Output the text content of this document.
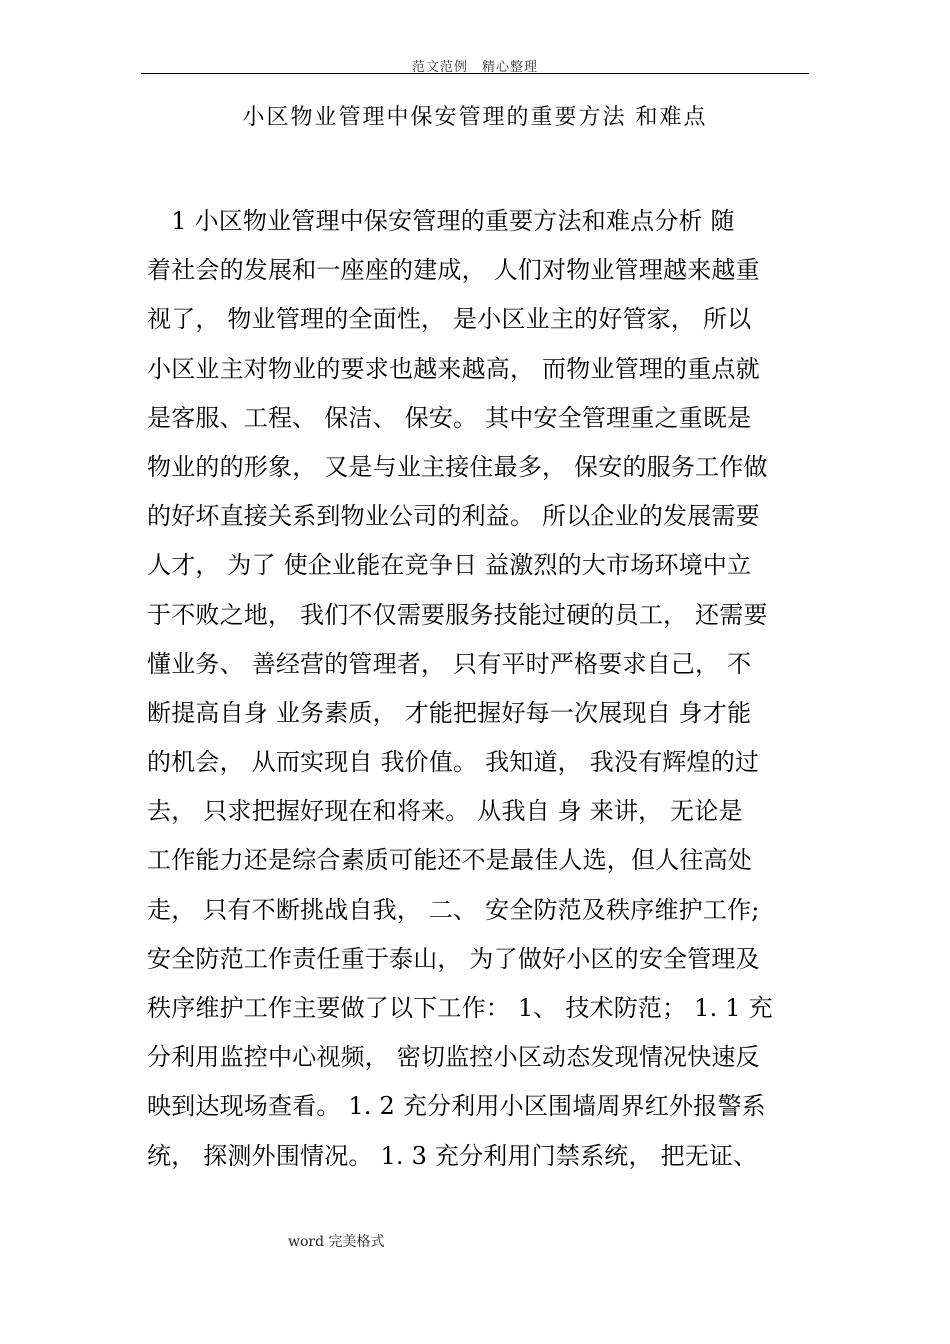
范文范例　精心整理
小区物业管理中保安管理的重要方法 和难点
　1 小区物业管理中保安管理的重要方法和难点分析 随
着社会的发展和一座座的建成， 人们对物业管理越来越重
视了， 物业管理的全面性， 是小区业主的好管家， 所以
小区业主对物业的要求也越来越高， 而物业管理的重点就
是客服、工程、 保洁、 保安。 其中安全管理重之重既是
物业的的形象， 又是与业主接住最多， 保安的服务工作做
的好坏直接关系到物业公司的利益。 所以企业的发展需要
人才， 为了 使企业能在竞争日 益激烈的大市场环境中立
于不败之地， 我们不仅需要服务技能过硬的员工， 还需要
懂业务、 善经营的管理者， 只有平时严格要求自己， 不
断提高自身 业务素质， 才能把握好每一次展现自 身才能
的机会， 从而实现自 我价值。 我知道， 我没有辉煌的过
去， 只求把握好现在和将来。 从我自 身 来讲， 无论是
工作能力还是综合素质可能还不是最佳人选，但人往高处
走， 只有不断挑战自我， 二、 安全防范及秩序维护工作;
安全防范工作责任重于泰山， 为了做好小区的安全管理及
秩序维护工作主要做了以下工作： 1、 技术防范； 1. 1 充
分利用监控中心视频， 密切监控小区动态发现情况快速反
映到达现场查看。 1. 2 充分利用小区围墙周界红外报警系
统， 探测外围情况。 1. 3 充分利用门禁系统， 把无证、
word 完美格式
